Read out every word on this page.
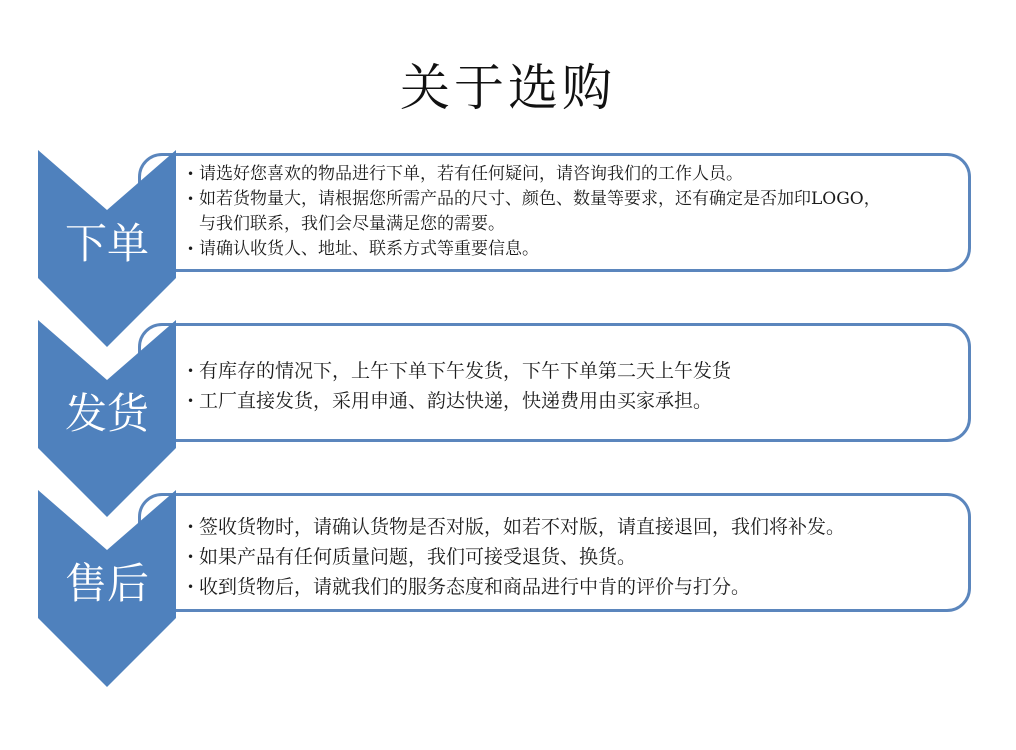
关于选购
下单
• 请选好您喜欢的物品进行下单，若有任何疑问，请咨询我们的工作人员。
• 如若货物量大，请根据您所需产品的尺寸、颜色、数量等要求，还有确定是否加印LOGO，
与我们联系，我们会尽量满足您的需要。
• 请确认收货人、地址、联系方式等重要信息。
发货
• 有库存的情况下，上午下单下午发货，下午下单第二天上午发货
• 工厂直接发货，采用申通、韵达快递，快递费用由买家承担。
售后
• 签收货物时，请确认货物是否对版，如若不对版，请直接退回，我们将补发。
• 如果产品有任何质量问题，我们可接受退货、换货。
• 收到货物后，请就我们的服务态度和商品进行中肯的评价与打分。
